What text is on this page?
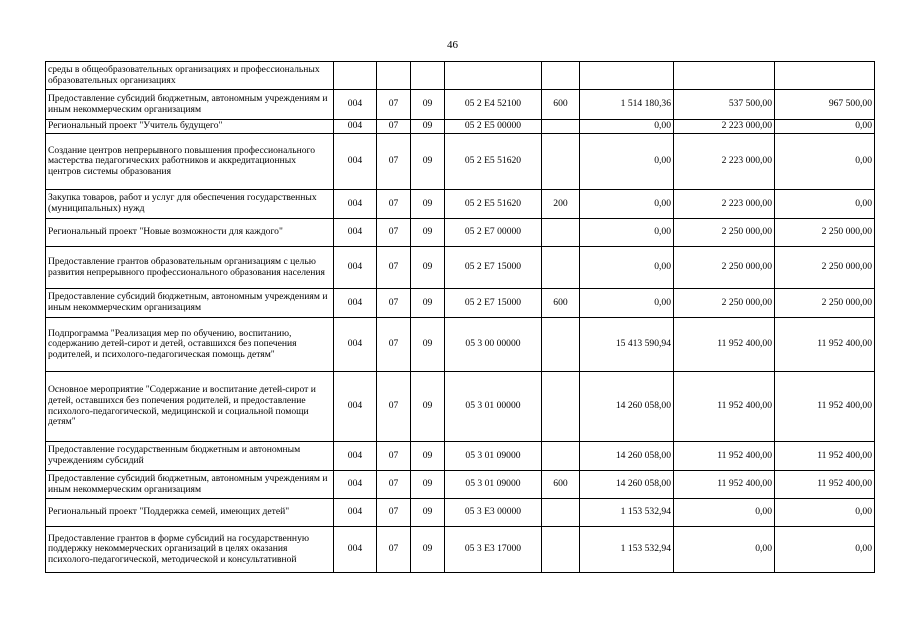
46
среды в общеобразовательных организациях и профессиональных образовательных организациях								
Предоставление субсидий бюджетным, автономным учреждениям и иным некоммерческим организациям	004	07	09	05 2 E4 52100	600	1 514 180,36	537 500,00	967 500,00
Региональный проект "Учитель будущего"	004	07	09	05 2 E5 00000		0,00	2 223 000,00	0,00
Создание центров непрерывного повышения профессионального мастерства педагогических работников и аккредитационных центров системы образования	004	07	09	05 2 E5 51620		0,00	2 223 000,00	0,00
Закупка товаров, работ и услуг для обеспечения государственных (муниципальных) нужд	004	07	09	05 2 E5 51620	200	0,00	2 223 000,00	0,00
Региональный проект "Новые возможности для каждого"	004	07	09	05 2 E7 00000		0,00	2 250 000,00	2 250 000,00
Предоставление грантов образовательным организациям с целью развития непрерывного профессионального образования населения	004	07	09	05 2 E7 15000		0,00	2 250 000,00	2 250 000,00
Предоставление субсидий бюджетным, автономным учреждениям и иным некоммерческим организациям	004	07	09	05 2 E7 15000	600	0,00	2 250 000,00	2 250 000,00
Подпрограмма "Реализация мер по обучению, воспитанию, содержанию детей-сирот и детей, оставшихся без попечения родителей, и психолого-педагогическая помощь детям"	004	07	09	05 3 00 00000		15 413 590,94	11 952 400,00	11 952 400,00
Основное мероприятие "Содержание и воспитание детей-сирот и детей, оставшихся без попечения родителей, и предоставление психолого-педагогической, медицинской и социальной помощи детям"	004	07	09	05 3 01 00000		14 260 058,00	11 952 400,00	11 952 400,00
Предоставление государственным бюджетным и автономным учреждениям субсидий	004	07	09	05 3 01 09000		14 260 058,00	11 952 400,00	11 952 400,00
Предоставление субсидий бюджетным, автономным учреждениям и иным некоммерческим организациям	004	07	09	05 3 01 09000	600	14 260 058,00	11 952 400,00	11 952 400,00
Региональный проект "Поддержка семей, имеющих детей"	004	07	09	05 3 E3 00000		1 153 532,94	0,00	0,00
Предоставление грантов в форме субсидий на государственную поддержку некоммерческих организаций в целях оказания психолого-педагогической, методической и консультативной	004	07	09	05 3 E3 17000		1 153 532,94	0,00	0,00
